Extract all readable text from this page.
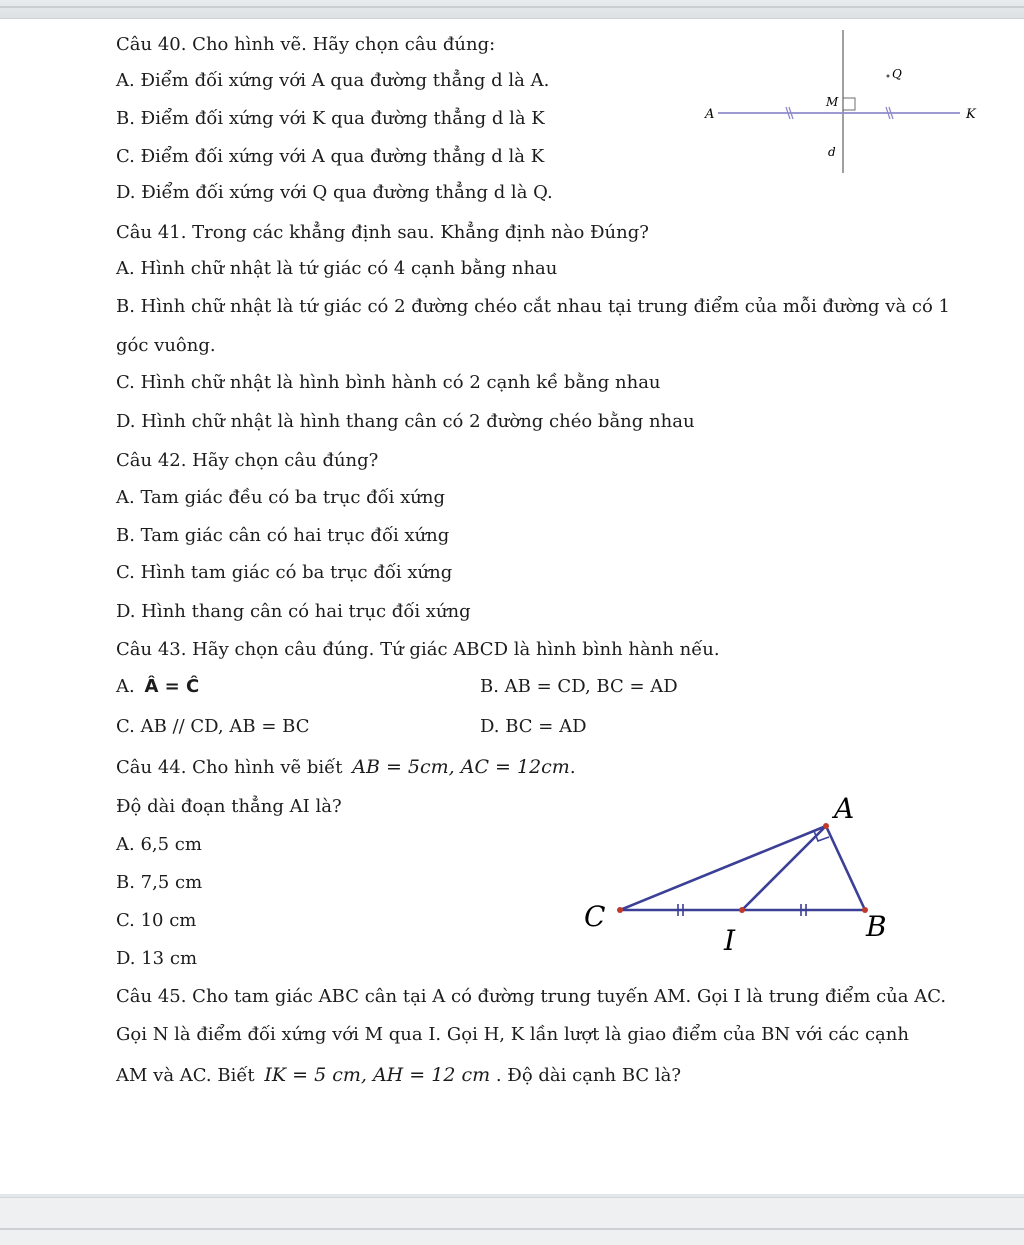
Câu 40. Cho hình vẽ. Hãy chọn câu đúng:
A. Điểm đối xứng với A qua đường thẳng d là A.
B. Điểm đối xứng với K qua đường thẳng d là K
C. Điểm đối xứng với A qua đường thẳng d là K
D. Điểm đối xứng với Q qua đường thẳng d là Q.
A	K
M
Q
d
Câu 41. Trong các khẳng định sau. Khẳng định nào Đúng?
A. Hình chữ nhật là tứ giác có 4 cạnh bằng nhau
B. Hình chữ nhật là tứ giác có 2 đường chéo cắt nhau tại trung điểm của mỗi đường và có 1
góc vuông.
C. Hình chữ nhật là hình bình hành có 2 cạnh kề bằng nhau
D. Hình chữ nhật là hình thang cân có 2 đường chéo bằng nhau
Câu 42. Hãy chọn câu đúng?
A. Tam giác đều có ba trục đối xứng
B. Tam giác cân có hai trục đối xứng
C. Hình tam giác có ba trục đối xứng
D. Hình thang cân có hai trục đối xứng
Câu 43. Hãy chọn câu đúng. Tứ giác ABCD là hình bình hành nếu.
A. Â = Ĉ	B. AB = CD, BC = AD
C. AB // CD, AB = BC	D. BC = AD
Câu 44. Cho hình vẽ biết AB = 5cm, AC = 12cm.
Độ dài đoạn thẳng AI là?
A. 6,5 cm
B. 7,5 cm
C. 10 cm
D. 13 cm
A
C	B
I
Câu 45. Cho tam giác ABC cân tại A có đường trung tuyến AM. Gọi I là trung điểm của AC.
Gọi N là điểm đối xứng với M qua I. Gọi H, K lần lượt là giao điểm của BN với các cạnh
AM và AC. Biết IK = 5 cm, AH = 12 cm . Độ dài cạnh BC là?
